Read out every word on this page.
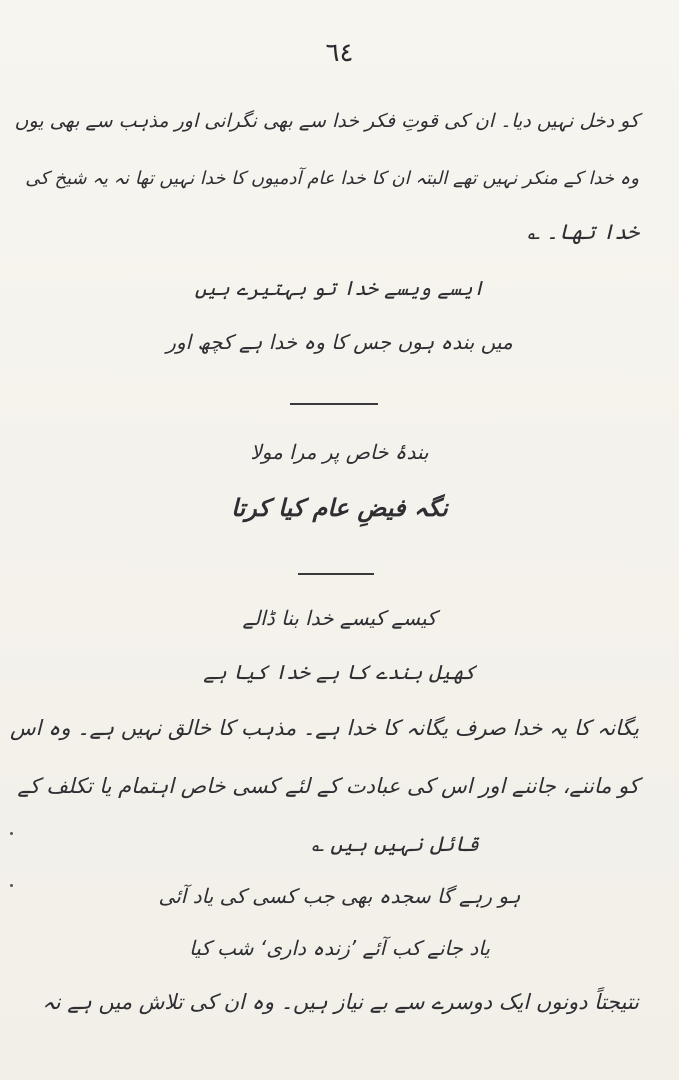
٦٤
کو دخل نہیں دیا۔ ان کی قوتِ فکر خدا سے بھی نگرانی اور مذہب سے بھی یوں
وہ خدا کے منکر نہیں تھے البتہ ان کا خدا عام آدمیوں کا خدا نہیں تھا نہ یہ شیخ کی
خدا تھا۔ ؎
ایسے ویسے خدا تو بہتیرے ہیں
میں بندہ ہوں جس کا وہ خدا ہے کچھ اور
بندۂ خاص پر مرا مولا
نگہ فیضِ عام کیا کرتا
کیسے کیسے خدا بنا ڈالے
کھیل بندے کا ہے خدا کیا ہے
یگانہ کا یہ خدا صرف یگانہ کا خدا ہے۔ مذہب کا خالق نہیں ہے۔ وہ اس
کو ماننے، جاننے اور اس کی عبادت کے لئے کسی خاص اہتمام یا تکلف کے
قائل نہیں ہیں ؎
ہو رہے گا سجدہ بھی جب کسی کی یاد آئی
یاد جانے کب آئے ’زندہ داری‘ شب کیا
نتیجتاً دونوں ایک دوسرے سے بے نیاز ہیں۔ وہ ان کی تلاش میں ہے نہ
